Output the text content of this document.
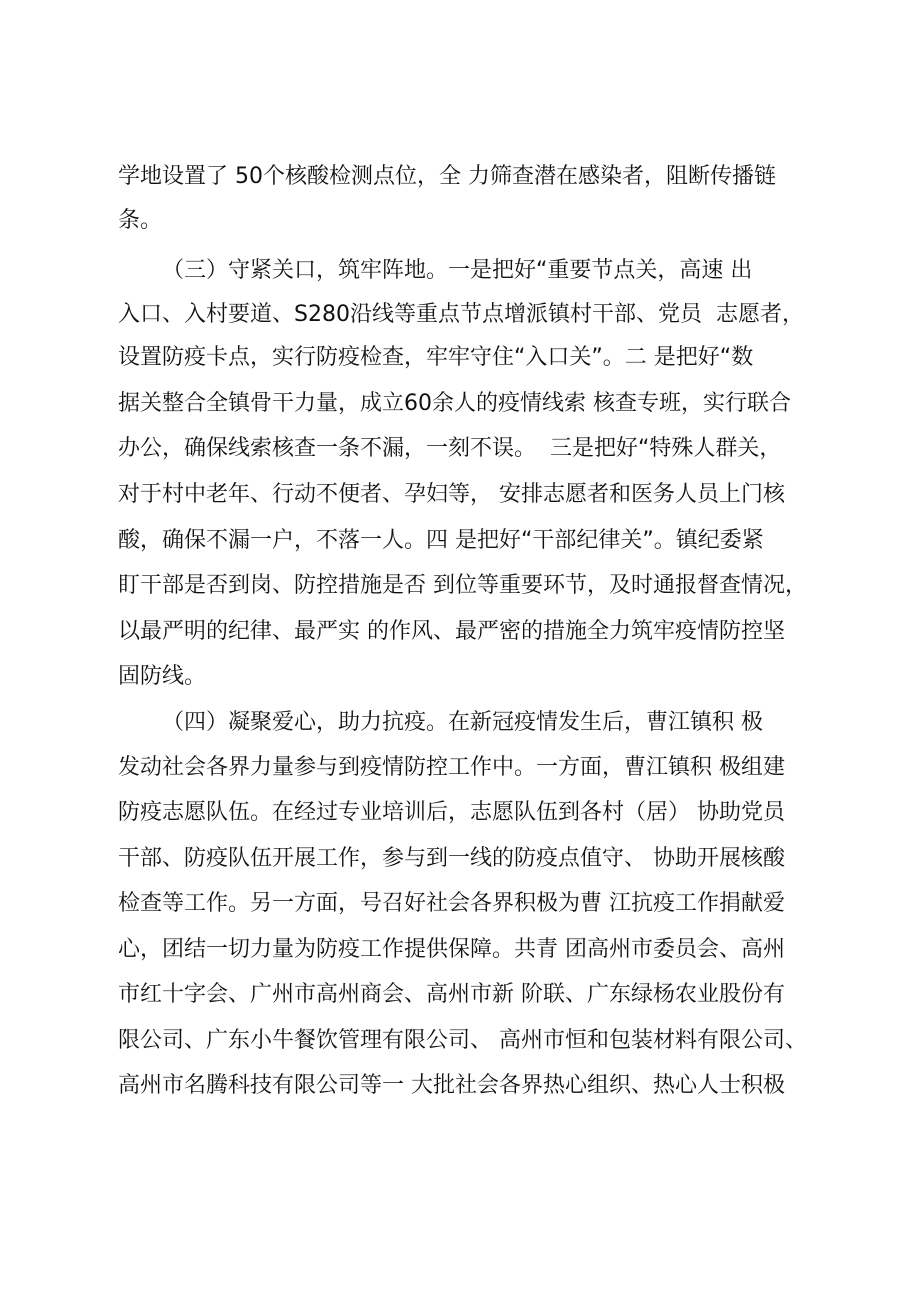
学地设置了 50个核酸检测点位，全 力筛查潜在感染者，阻断传播链
条。
（三）守紧关口，筑牢阵地。一是把好“重要节点关，高速 出
入口、入村要道、S280沿线等重点节点增派镇村干部、党员  志愿者，
设置防疫卡点，实行防疫检查，牢牢守住“入口关”。二 是把好“数
据关整合全镇骨干力量，成立60余人的疫情线索 核查专班，实行联合
办公，确保线索核查一条不漏，一刻不误。  三是把好“特殊人群关，
对于村中老年、行动不便者、孕妇等， 安排志愿者和医务人员上门核
酸，确保不漏一户，不落一人。四 是把好“干部纪律关”。镇纪委紧
盯干部是否到岗、防控措施是否 到位等重要环节，及时通报督查情况，
以最严明的纪律、最严实 的作风、最严密的措施全力筑牢疫情防控坚
固防线。
（四）凝聚爱心，助力抗疫。在新冠疫情发生后，曹江镇积 极
发动社会各界力量参与到疫情防控工作中。一方面，曹江镇积 极组建
防疫志愿队伍。在经过专业培训后，志愿队伍到各村（居） 协助党员
干部、防疫队伍开展工作，参与到一线的防疫点值守、 协助开展核酸
检查等工作。另一方面，号召好社会各界积极为曹 江抗疫工作捐献爱
心，团结一切力量为防疫工作提供保障。共青 团高州市委员会、高州
市红十字会、广州市高州商会、高州市新 阶联、广东绿杨农业股份有
限公司、广东小牛餐饮管理有限公司、 高州市恒和包装材料有限公司、
高州市名腾科技有限公司等一 大批社会各界热心组织、热心人士积极
